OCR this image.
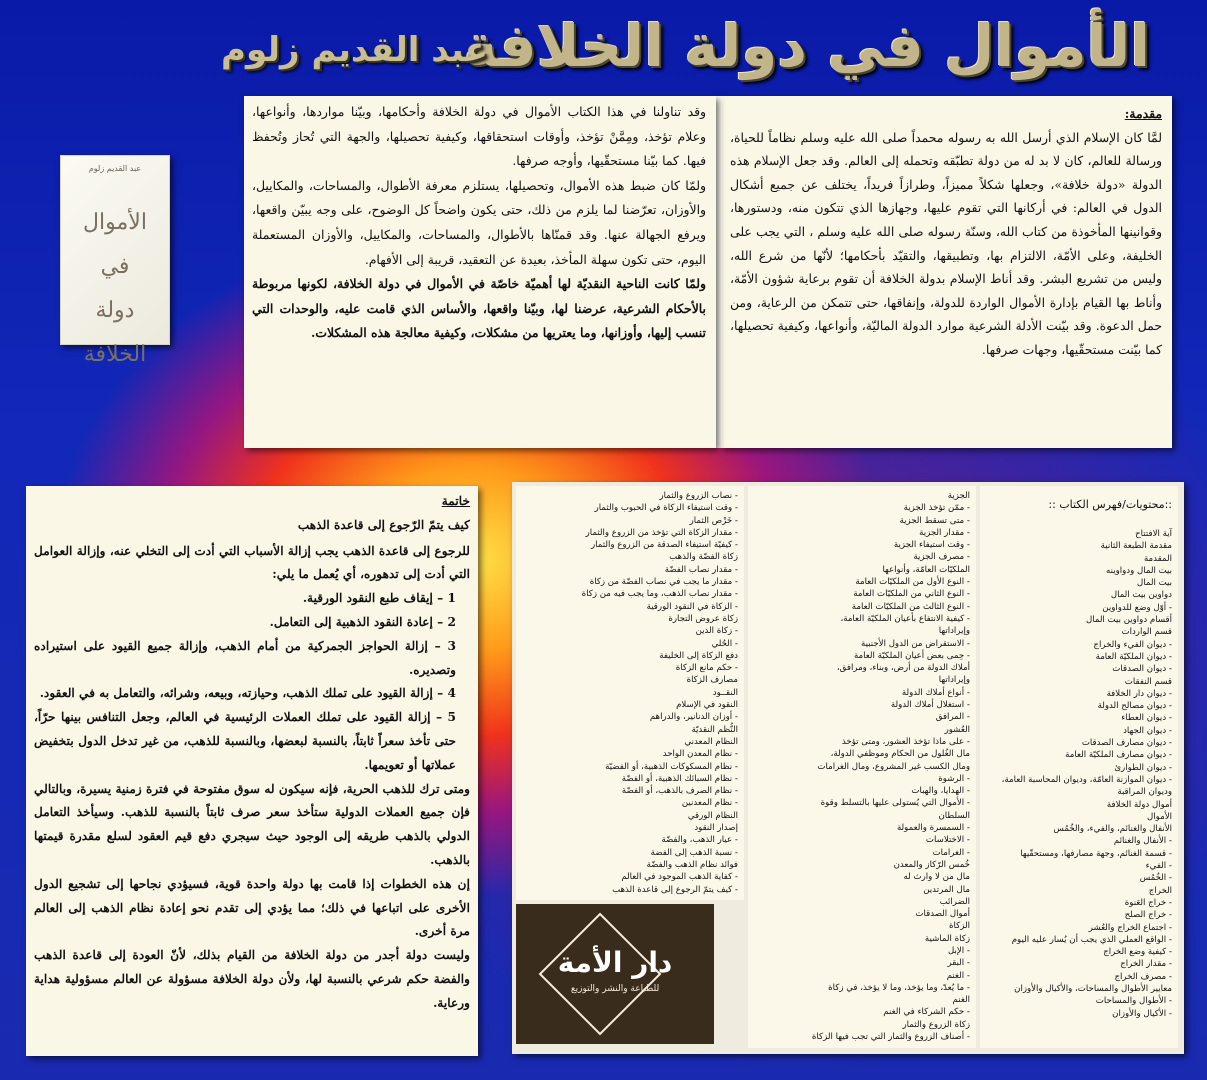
الأموال في دولة الخلافة
عبد القديم زلوم
عبد القديم زلوم
الأموال
في
دولة الخلافة

مقدمة:
لمَّا كان الإسلام الذي أرسل الله به رسوله محمداً صلى الله عليه وسلم نظاماً للحياة، ورسالة للعالم، كان لا بد له من دولة تطبّقه وتحمله إلى العالم. وقد جعل الإسلام هذه الدولة «دولة خلافة»، وجعلها شكلاً مميزاً، وطرازاً فريداً، يختلف عن جميع أشكال الدول في العالم: في أركانها التي تقوم عليها، وجهازها الذي تتكون منه، ودستورها، وقوانينها المأخوذة من كتاب الله، وسنّة رسوله صلى الله عليه وسلم ، التي يجب على الخليفة، وعلى الأمّة، الالتزام بها، وتطبيقها، والتقيّد بأحكامها؛ لأنّها من شرع الله، وليس من تشريع البشر. وقد أناط الإسلام بدولة الخلافة أن تقوم برعاية شؤون الأمّة، وأناط بها القيام بإدارة الأموال الواردة للدولة، وإنفاقها، حتى تتمكن من الرعاية، ومن حمل الدعوة. وقد بيّنت الأدلة الشرعية موارد الدولة الماليّة، وأنواعها، وكيفية تحصيلها، كما بيّنت مستحقّيها، وجهات صرفها.

وقد تناولنا في هذا الكتاب الأموال في دولة الخلافة وأحكامها، وبيّنا مواردها، وأنواعها، وعلام تؤخذ، ومِمَّنْ تؤخذ، وأوقات استحقاقها، وكيفية تحصيلها، والجهة التي تُحاز وتُحفظ فيها. كما بيّنا مستحقّيها، وأوجه صرفها.

ولمّا كان ضبط هذه الأموال، وتحصيلها، يستلزم معرفة الأطوال، والمساحات، والمكاييل، والأوزان، تعرّضنا لما يلزم من ذلك، حتى يكون واضحاً كل الوضوح، على وجه يبيّن واقعها، ويرفع الجهالة عنها. وقد قمنّاها بالأطوال، والمساحات، والمكاييل، والأوزان المستعملة اليوم، حتى تكون سهلة المأخذ، بعيدة عن التعقيد، قريبة إلى الأفهام.

ولمّا كانت الناحية النقديّة لها أهميّة خاصّة في الأموال في دولة الخلافة، لكونها مربوطة بالأحكام الشرعية، عرضنا لها، وبيّنا واقعها، والأساس الذي قامت عليه، والوحدات التي تنسب إليها، وأوزانها، وما يعتريها من مشكلات، وكيفية معالجة هذه المشكلات.

خاتمة

كيف يتمّ الرّجوع إلى قاعدة الذهب

للرجوع إلى قاعدة الذهب يجب إزالة الأسباب التي أدت إلى التخلي عنه، وإزالة العوامل التي أدت إلى تدهوره، أي يُعمل ما يلي:

1 – إيقاف طبع النقود الورقية.

2 – إعادة النقود الذهبية إلى التعامل.

3 – إزالة الحواجز الجمركية من أمام الذهب، وإزالة جميع القيود على استيراده وتصديره.

4 – إزالة القيود على تملك الذهب، وحيازته، وبيعه، وشرائه، والتعامل به في العقود.

5 – إزالة القيود على تملك العملات الرئيسية في العالم، وجعل التنافس بينها حرّاً، حتى تأخذ سعراً ثابتاً، بالنسبة لبعضها، وبالنسبة للذهب، من غير تدخل الدول بتخفيض عملاتها أو تعويمها.

ومتى ترك للذهب الحرية، فإنه سيكون له سوق مفتوحة في فترة زمنية يسيرة، وبالتالي فإن جميع العملات الدولية ستأخذ سعر صرف ثابتاً بالنسبة للذهب. وسيأخذ التعامل الدولي بالذهب طريقه إلى الوجود حيث سيجري دفع قيم العقود لسلع مقدرة قيمتها بالذهب.

إن هذه الخطوات إذا قامت بها دولة واحدة قوية، فسيؤدي نجاحها إلى تشجيع الدول الأخرى على اتباعها في ذلك؛ مما يؤدي إلى تقدم نحو إعادة نظام الذهب إلى العالم مرة أخرى.

وليست دولة أجدر من دولة الخلافة من القيام بذلك، لأنّ العودة إلى قاعدة الذهب والفضة حكم شرعي بالنسبة لها، ولأن دولة الخلافة مسؤولة عن العالم مسؤولية هداية ورعاية.

::محتويات/فهرس الكتاب ::
آية الافتتاح
مقدمة الطبعة الثانية
المقدمة
بيت المال ودواوينه
بيت المال
دواوين بيت المال
- أوّل وضع للدواوين
أقسام دواوين بيت المال
قسم الواردات
- ديوان الفيء والخراج
- ديوان الملكيّة العامة
- ديوان الصدقات
قسم النفقات
- ديوان دار الخلافة
- ديوان مصالح الدولة
- ديوان العطاء
- ديوان الجهاد
- ديوان مصارف الصدقات
- ديوان مصارف الملكيّة العامة
- ديوان الطوارئ
- ديوان الموازنة العامّة، وديوان المحاسبة العامة،
وديوان المراقبة
أموال دولة الخلافة
الأموال
الأنفال والغنائم، والفيء، والخُمُس
- الأنفال والغنائم
- قسمة الغنائم، وجهة مصارفها، ومستحقّيها
- الفيء
- الخُمُس
الخراج
- خراج العَنوة
- خراج الصلح
- اجتماع الخراج والعُشر
- الواقع العملي الذي يجب أن يُسار عليه اليوم
- كيفية وضع الخراج
- مقدار الخراج
- مصرف الخراج
معايير الأطوال والمساحات، والأكيال والأوزان
- الأطوال والمساحات
- الأكيال والأوزان
الجزية
- ممّن تؤخذ الجزية
- متى تسقط الجزية
- مقدار الجزية
- وقت استيفاء الجزية
- مصرف الجزية
الملكيّات العامّة، وأنواعها
- النوع الأول من الملكيّات العامة
- النوع الثاني من الملكيّات العامة
- النوع الثالث من الملكيّات العامة
- كيفية الانتفاع بأعيان الملكيّة العامة،
وإيراداتها
- الاستقراض من الدول الأجنبية
- حِمى بعض أعيان الملكيّة العامة
أملاك الدولة من أرض، وبناء، ومرافق،
وإيراداتها
- أنواع أملاك الدولة
- استغلال أملاك الدولة
- المرافق
العُشور
- على ماذا تؤخذ العشور، ومتى تؤخذ
مال الغُلول من الحكام وموظفي الدولة،
ومال الكسب غير المشروع، ومال الغرامات
- الرشوة
- الهدايا، والهبات
- الأموال التي يُستولى عليها بالتسلط وقوة
السلطان
- السمسرة والعمولة
- الاختلاسات
- الغرامات
خُمس الرّكاز والمعدن
مال من لا وارث له
مال المرتدين
الضرائب
أموال الصدقات
الزكاة
زكاة الماشية
- الإبل
- البقر
- الغنم
- ما يُعدّ، وما يؤخذ، وما لا يؤخذ، في زكاة
الغنم
- حكم الشركاء في الغنم
زكاة الزروع والثمار
- أصناف الزروع والثمار التي تجب فيها الزكاة
- نصاب الزروع والثمار
- وقت استيفاء الزكاة في الحبوب والثمار
- خَرْص الثمار
- مقدار الزكاة التي تؤخذ من الزروع والثمار
- كيفيّة استيفاء الصدقة من الزروع والثمار
زكاة الفضّة والذهب
- مقدار نصاب الفضّة
- مقدار ما يجب في نصاب الفضّة من زكاة
- مقدار نصاب الذهب، وما يجب فيه من زكاة
- الزكاة في النقود الورقية
زكاة عروض التجارة
- زكاة الدين
- الحُلي
دفع الزكاة إلى الخليفة
- حكم مانع الزكاة
مصارف الزكاة
النقــود
النقود في الإسلام
- أوزان الدنانير، والدراهم
النُّظم النقديّة
النظام المعدني
- نظام المعدن الواحد
- نظام المسكوكات الذهبية، أو الفضيّة
- نظام السبائك الذهبية، أو الفضّة
- نظام الصرف بالذهب، أو الفضّة
- نظام المعدنين
النظام الورقي
إصدار النقود
- عيار الذهب، والفضّة
- نسبة الذهب إلى الفضة
فوائد نظام الذهب والفضّة
- كفاية الذهب الموجود في العالم
- كيف يتمّ الرجوع إلى قاعدة الذهب
دار الأمة
للطباعة والنشر والتوزيع
